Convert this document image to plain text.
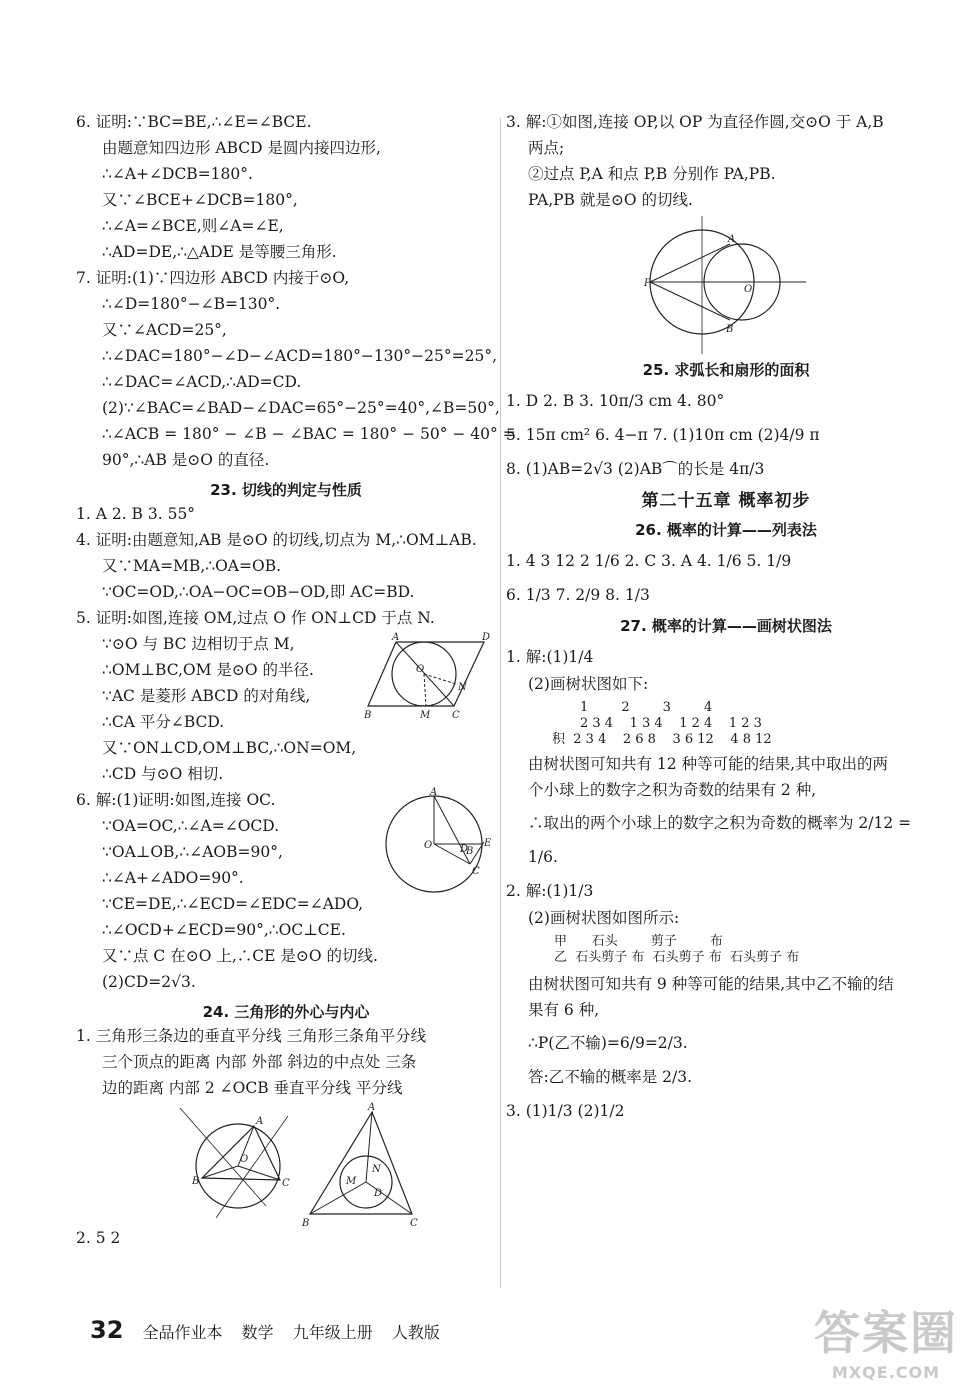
6. 证明:∵BC=BE,∴∠E=∠BCE.
由题意知四边形 ABCD 是圆内接四边形,
∴∠A+∠DCB=180°.
又∵∠BCE+∠DCB=180°,
∴∠A=∠BCE,则∠A=∠E,
∴AD=DE,∴△ADE 是等腰三角形.
7. 证明:(1)∵四边形 ABCD 内接于⊙O,
∴∠D=180°−∠B=130°.
又∵∠ACD=25°,
∴∠DAC=180°−∠D−∠ACD=180°−130°−25°=25°,
∴∠DAC=∠ACD,∴AD=CD.
(2)∵∠BAC=∠BAD−∠DAC=65°−25°=40°,∠B=50°,
∴∠ACB = 180° − ∠B − ∠BAC = 180° − 50° − 40° =
90°,∴AB 是⊙O 的直径.
23. 切线的判定与性质
1. A 2. B 3. 55°
4. 证明:由题意知,AB 是⊙O 的切线,切点为 M,∴OM⊥AB.
又∵MA=MB,∴OA=OB.
∵OC=OD,∴OA−OC=OB−OD,即 AC=BD.
5. 证明:如图,连接 OM,过点 O 作 ON⊥CD 于点 N.
A	D
O
N
B	M C
∵⊙O 与 BC 边相切于点 M,
∴OM⊥BC,OM 是⊙O 的半径.
∵AC 是菱形 ABCD 的对角线,
∴CA 平分∠BCD.
又∵ON⊥CD,OM⊥BC,∴ON=OM,
∴CD 与⊙O 相切.
A
O	D
E
B
C
6. 解:(1)证明:如图,连接 OC.
∵OA=OC,∴∠A=∠OCD.
∵OA⊥OB,∴∠AOB=90°,
∴∠A+∠ADO=90°.
∵CE=DE,∴∠ECD=∠EDC=∠ADO,
∴∠OCD+∠ECD=90°,∴OC⊥CE.
又∵点 C 在⊙O 上,∴CE 是⊙O 的切线.
(2)CD=2√3.
24. 三角形的外心与内心
1. 三角形三条边的垂直平分线 三角形三条角平分线
三个顶点的距离 内部 外部 斜边的中点处 三条
边的距离 内部 2 ∠OCB 垂直平分线 平分线
A
O
B	C
A
M
N
D
B	C
2. 5 2
3. 解:①如图,连接 OP,以 OP 为直径作圆,交⊙O 于 A,B
两点;
②过点 P,A 和点 P,B 分别作 PA,PB.
PA,PB 就是⊙O 的切线.
A
P
O
B
25. 求弧长和扇形的面积
1. D 2. B 3. 10π/3 cm 4. 80°
5. 15π cm² 6. 4−π 7. (1)10π cm (2)4/9 π
8. (1)AB=2√3 (2)AB⌒的长是 4π/3
第二十五章 概率初步
26. 概率的计算——列表法
1. 4 3 12 2 1/6 2. C 3. A 4. 1/6 5. 1/9
6. 1/3 7. 2/9 8. 1/3
27. 概率的计算——画树状图法
1. 解:(1)1/4
(2)画树状图如下:
1        2        3        4
2 3 4    1 3 4    1 2 4    1 2 3
积  2 3 4    2 6 8    3 6 12    4 8 12
由树状图可知共有 12 种等可能的结果,其中取出的两
个小球上的数字之积为奇数的结果有 2 种,
∴取出的两个小球上的数字之积为奇数的概率为 2/12 =
1/6.
2. 解:(1)1/3
(2)画树状图如图所示:
甲      石头        剪子        布
乙  石头剪子 布  石头剪子 布  石头剪子 布
由树状图可知共有 9 种等可能的结果,其中乙不输的结
果有 6 种,
∴P(乙不输)=6/9=2/3.
答:乙不输的概率是 2/3.
3. (1)1/3 (2)1/2
32 全品作业本 数学 九年级上册 人教版	答案圈
MXQE.COM
